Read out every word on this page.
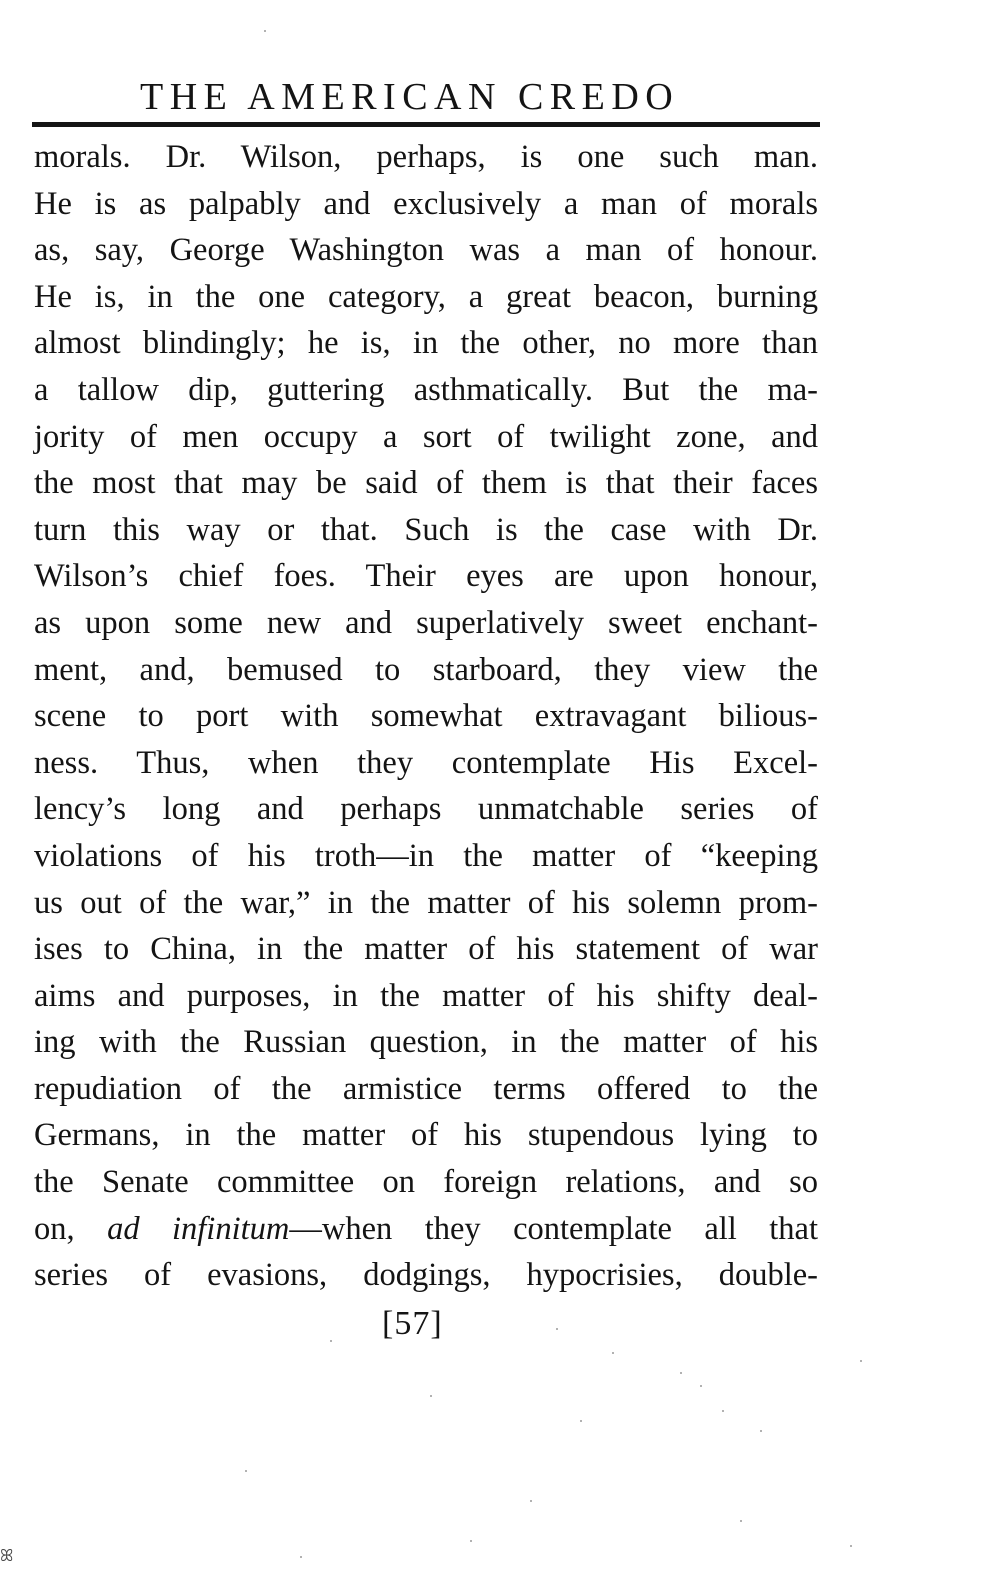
THE AMERICAN CREDO
morals. Dr. Wilson, perhaps, is one such man.
He is as palpably and exclusively a man of morals
as, say, George Washington was a man of honour.
He is, in the one category, a great beacon, burning
almost blindingly; he is, in the other, no more than
a tallow dip, guttering asthmatically. But the ma-
jority of men occupy a sort of twilight zone, and
the most that may be said of them is that their faces
turn this way or that. Such is the case with Dr.
Wilson’s chief foes. Their eyes are upon honour,
as upon some new and superlatively sweet enchant-
ment, and, bemused to starboard, they view the
scene to port with somewhat extravagant bilious-
ness. Thus, when they contemplate His Excel-
lency’s long and perhaps unmatchable series of
violations of his troth—in the matter of “keeping
us out of the war,” in the matter of his solemn prom-
ises to China, in the matter of his statement of war
aims and purposes, in the matter of his shifty deal-
ing with the Russian question, in the matter of his
repudiation of the armistice terms offered to the
Germans, in the matter of his stupendous lying to
the Senate committee on foreign relations, and so
on, ad infinitum—when they contemplate all that
series of evasions, dodgings, hypocrisies, double-
[57]
ꕤ
